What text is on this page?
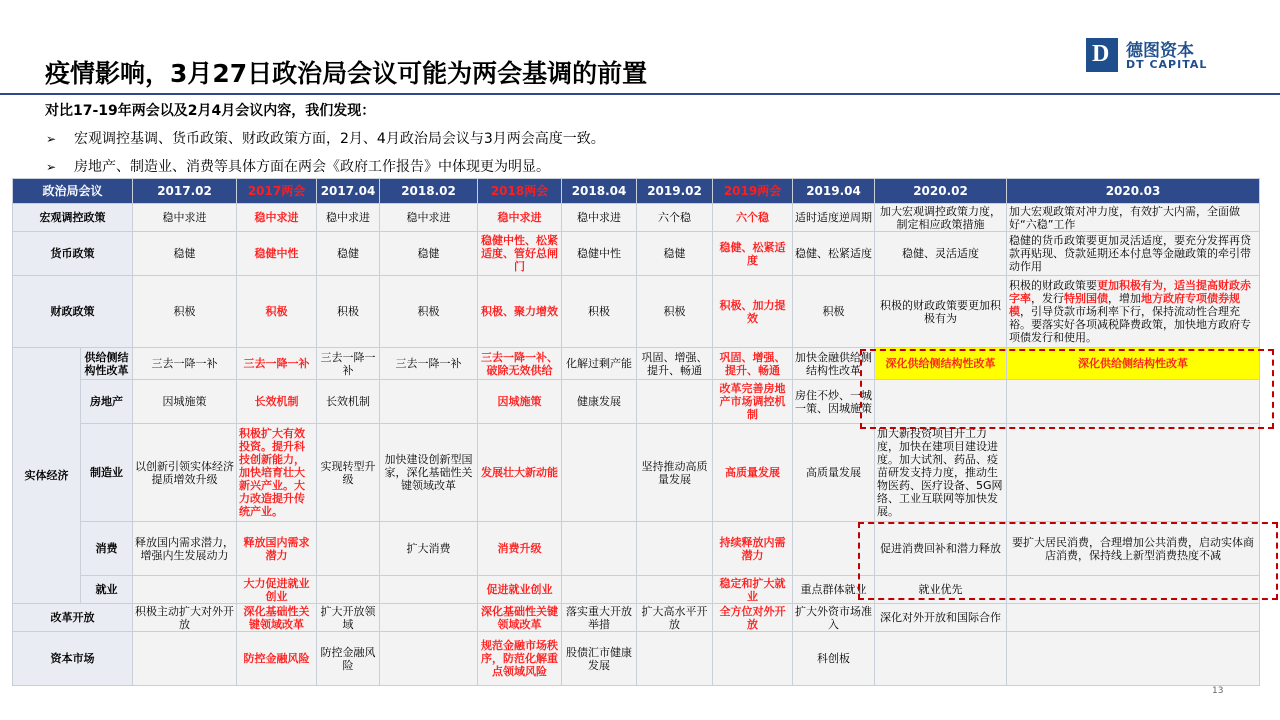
疫情影响，3月27日政治局会议可能为两会基调的前置
D 德图资本
DT CAPITAL
对比17-19年两会以及2月4月会议内容，我们发现：
➢ 宏观调控基调、货币政策、财政政策方面，2月、4月政治局会议与3月两会高度一致。
➢ 房地产、制造业、消费等具体方面在两会《政府工作报告》中体现更为明显。
政治局会议		2017.02	2017两会	2017.04	2018.02	2018两会	2018.04	2019.02	2019两会	2019.04	2020.02	2020.03
宏观调控政策		稳中求进	稳中求进	稳中求进	稳中求进	稳中求进	稳中求进	六个稳	六个稳	适时适度逆周期	加大宏观调控政策力度，制定相应政策措施	加大宏观政策对冲力度，有效扩大内需，全面做好“六稳”工作
货币政策		稳健	稳健中性	稳健	稳健	稳健中性、松紧适度、管好总闸门	稳健中性	稳健	稳健、松紧适度	稳健、松紧适度	稳健、灵活适度	稳健的货币政策要更加灵活适度，要充分发挥再贷款再贴现、贷款延期还本付息等金融政策的牵引带动作用
财政政策		积极	积极	积极	积极	积极、聚力增效	积极	积极	积极、加力提效	积极	积极的财政政策要更加积极有为	积极的财政政策要更加积极有为，适当提高财政赤字率，发行特别国债，增加地方政府专项债券规模，引导贷款市场利率下行，保持流动性合理充裕。要落实好各项减税降费政策，加快地方政府专项债发行和使用。
实体经济	供给侧结构性改革	三去一降一补	三去一降一补	三去一降一补	三去一降一补	三去一降一补、破除无效供给	化解过剩产能	巩固、增强、提升、畅通	巩固、增强、提升、畅通	加快金融供给侧结构性改革	深化供给侧结构性改革	深化供给侧结构性改革
	房地产	因城施策	长效机制	长效机制		因城施策	健康发展		改革完善房地产市场调控机制	房住不炒、一城一策、因城施策		
	制造业	以创新引领实体经济提质增效升级	积极扩大有效投资。提升科技创新能力，加快培育壮大新兴产业。大力改造提升传统产业。	实现转型升级	加快建设创新型国家，深化基础性关键领域改革	发展壮大新动能		坚持推动高质量发展	高质量发展	高质量发展	加大新投资项目开工力度，加快在建项目建设进度。加大试剂、药品、疫苗研发支持力度，推动生物医药、医疗设备、5G网络、工业互联网等加快发展。	
	消费	释放国内需求潜力，增强内生发展动力	释放国内需求潜力		扩大消费	消费升级			持续释放内需潜力		促进消费回补和潜力释放	要扩大居民消费，合理增加公共消费，启动实体商店消费，保持线上新型消费热度不减
	就业		大力促进就业创业			促进就业创业			稳定和扩大就业	重点群体就业	就业优先	
改革开放		积极主动扩大对外开放	深化基础性关键领域改革	扩大开放领域		深化基础性关键领域改革	落实重大开放举措	扩大高水平开放	全方位对外开放	扩大外资市场准入	深化对外开放和国际合作	
资本市场			防控金融风险	防控金融风险		规范金融市场秩序，防范化解重点领域风险	股债汇市健康发展			科创板		
13
